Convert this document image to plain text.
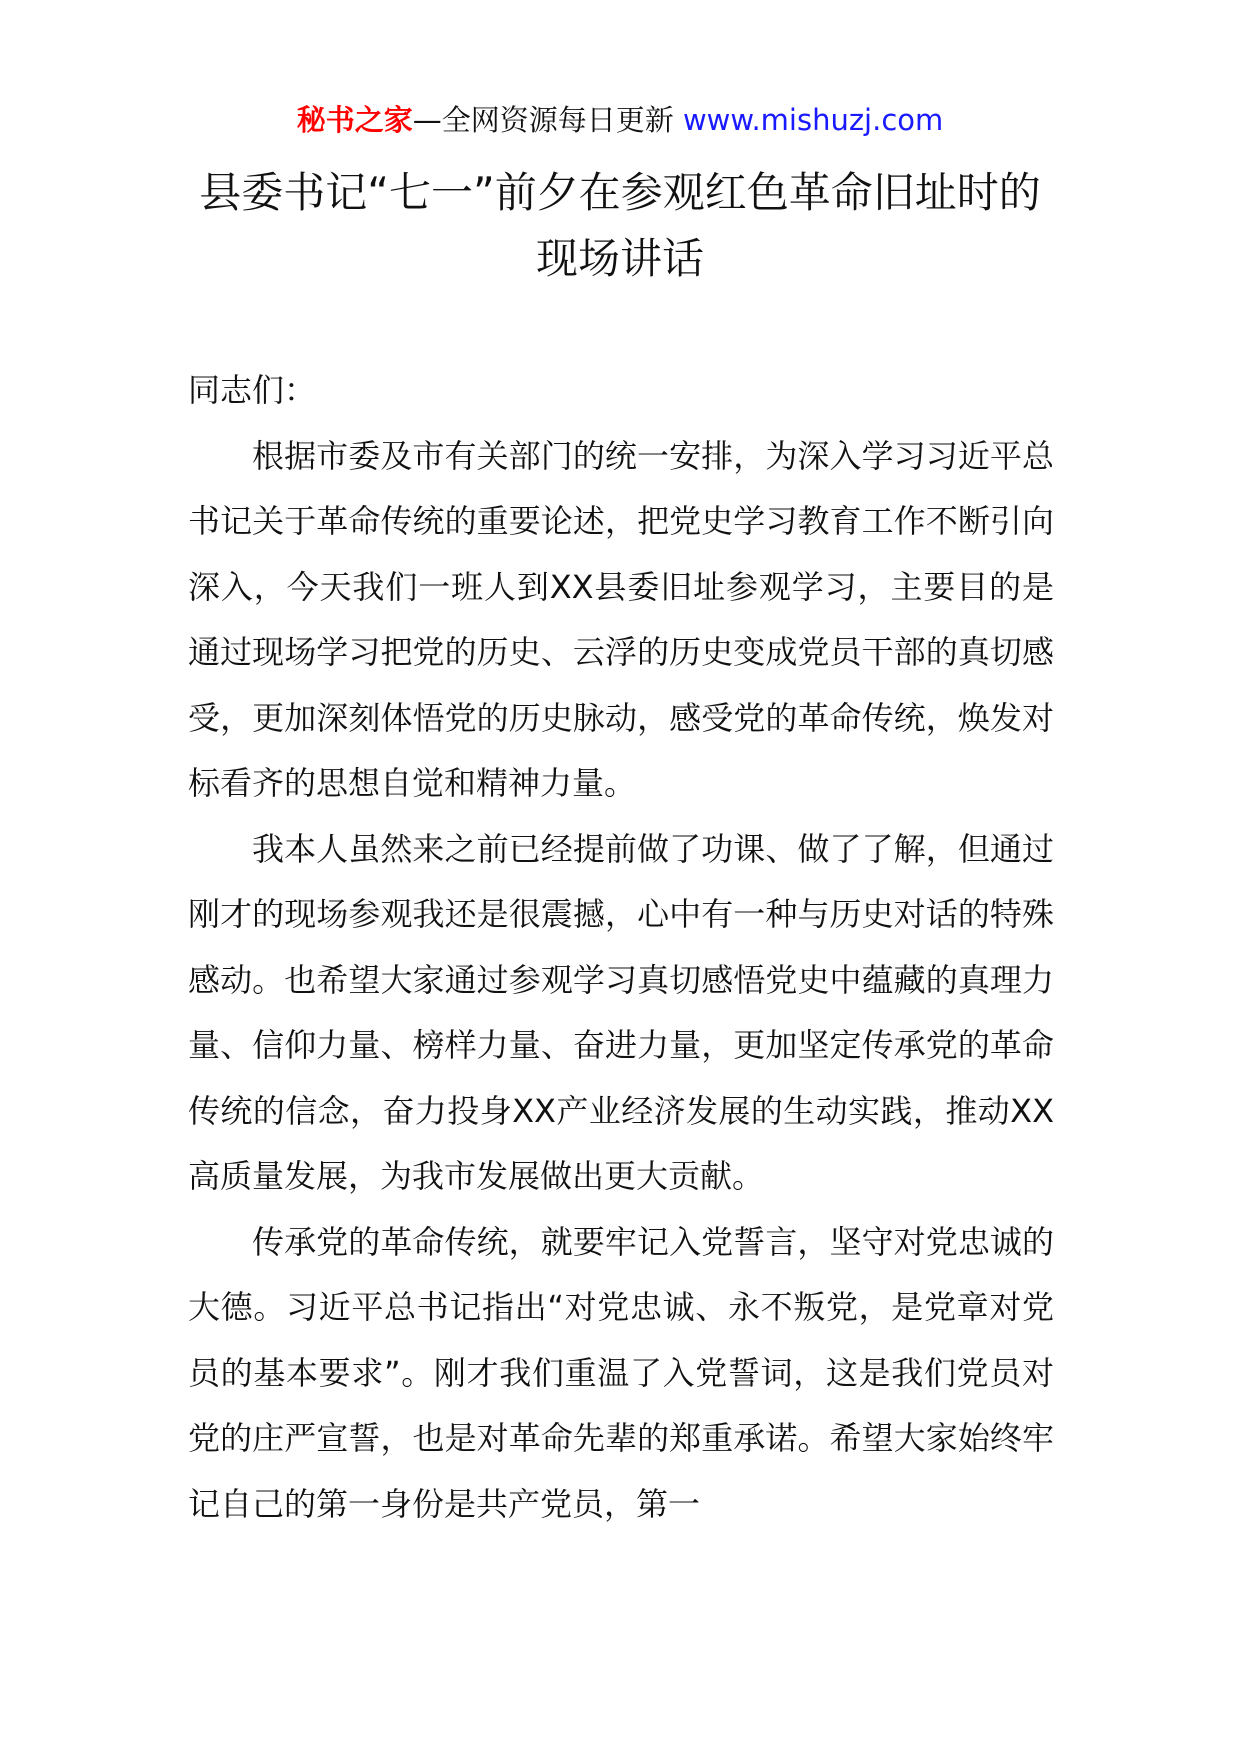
秘书之家—全网资源每日更新 www.mishuzj.com
县委书记“七一”前夕在参观红色革命旧址时的现场讲话

同志们：

根据市委及市有关部门的统一安排，为深入学习习近平总书记关于革命传统的重要论述，把党史学习教育工作不断引向深入，今天我们一班人到XX县委旧址参观学习，主要目的是通过现场学习把党的历史、云浮的历史变成党员干部的真切感受，更加深刻体悟党的历史脉动，感受党的革命传统，焕发对标看齐的思想自觉和精神力量。

我本人虽然来之前已经提前做了功课、做了了解，但通过刚才的现场参观我还是很震撼，心中有一种与历史对话的特殊感动。也希望大家通过参观学习真切感悟党史中蕴藏的真理力量、信仰力量、榜样力量、奋进力量，更加坚定传承党的革命传统的信念，奋力投身XX产业经济发展的生动实践，推动XX高质量发展，为我市发展做出更大贡献。

传承党的革命传统，就要牢记入党誓言，坚守对党忠诚的大德。习近平总书记指出“对党忠诚、永不叛党，是党章对党员的基本要求”。刚才我们重温了入党誓词，这是我们党员对党的庄严宣誓，也是对革命先辈的郑重承诺。希望大家始终牢记自己的第一身份是共产党员，第一
